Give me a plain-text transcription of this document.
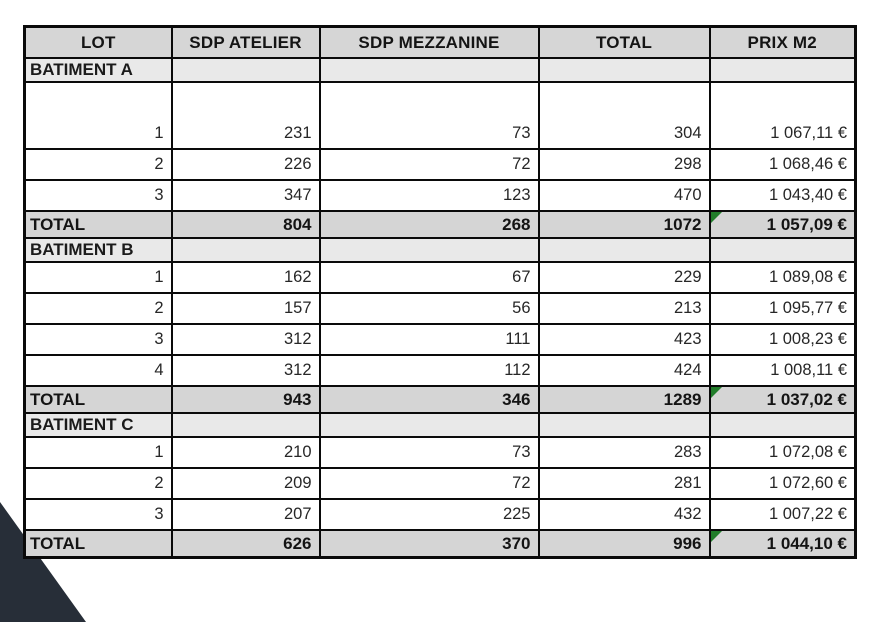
LOT	SDP ATELIER	SDP MEZZANINE	TOTAL	PRIX M2
BATIMENT A				
1	231	73	304	1 067,11 €
2	226	72	298	1 068,46 €
3	347	123	470	1 043,40 €
TOTAL	804	268	1072	1 057,09 €

BATIMENT B				
1	162	67	229	1 089,08 €
2	157	56	213	1 095,77 €
3	312	111	423	1 008,23 €
4	312	112	424	1 008,11 €
TOTAL	943	346	1289	1 037,02 €

BATIMENT C				
1	210	73	283	1 072,08 €
2	209	72	281	1 072,60 €
3	207	225	432	1 007,22 €
TOTAL	626	370	996	1 044,10 €
